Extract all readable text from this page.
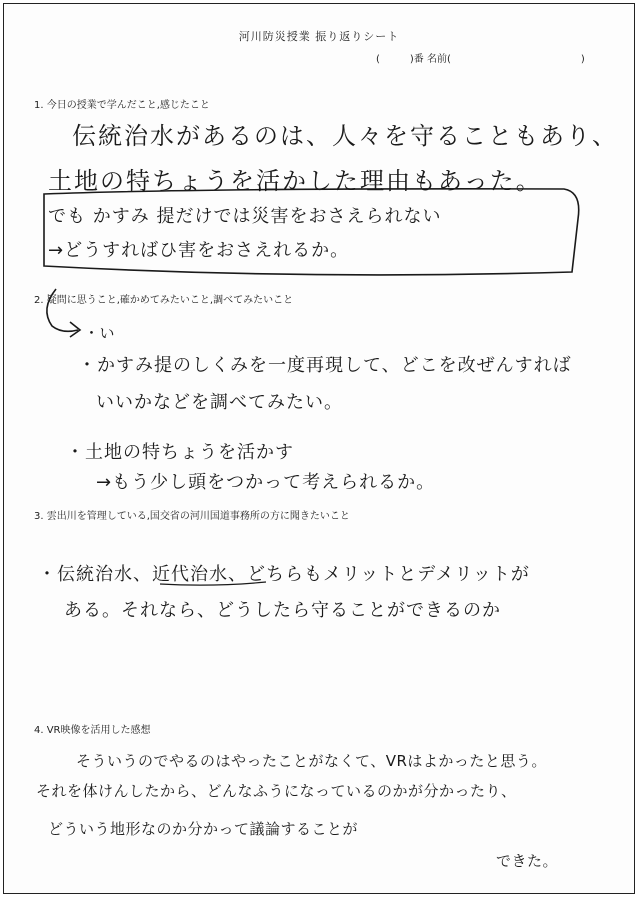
河川防災授業 振り返りシート
(　　　)番 名前(　　　　　　　　　　　　　)
1. 今日の授業で学んだこと,感じたこと
伝統治水があるのは、人々を守ることもあり、
土地の特ちょうを活かした理由もあった。
でも かすみ 提だけでは災害をおさえられない
→どうすればひ害をおさえれるか。
2. 疑問に思うこと,確かめてみたいこと,調べてみたいこと
・い
・かすみ提のしくみを一度再現して、どこを改ぜんすれば
いいかなどを調べてみたい。
・土地の特ちょうを活かす
→もう少し頭をつかって考えられるか。
3. 雲出川を管理している,国交省の河川国道事務所の方に聞きたいこと
・伝統治水、近代治水、どちらもメリットとデメリットが
ある。それなら、どうしたら守ることができるのか
4. VR映像を活用した感想
そういうのでやるのはやったことがなくて、VRはよかったと思う。
それを体けんしたから、どんなふうになっているのかが分かったり、
どういう地形なのか分かって議論することが
できた。
